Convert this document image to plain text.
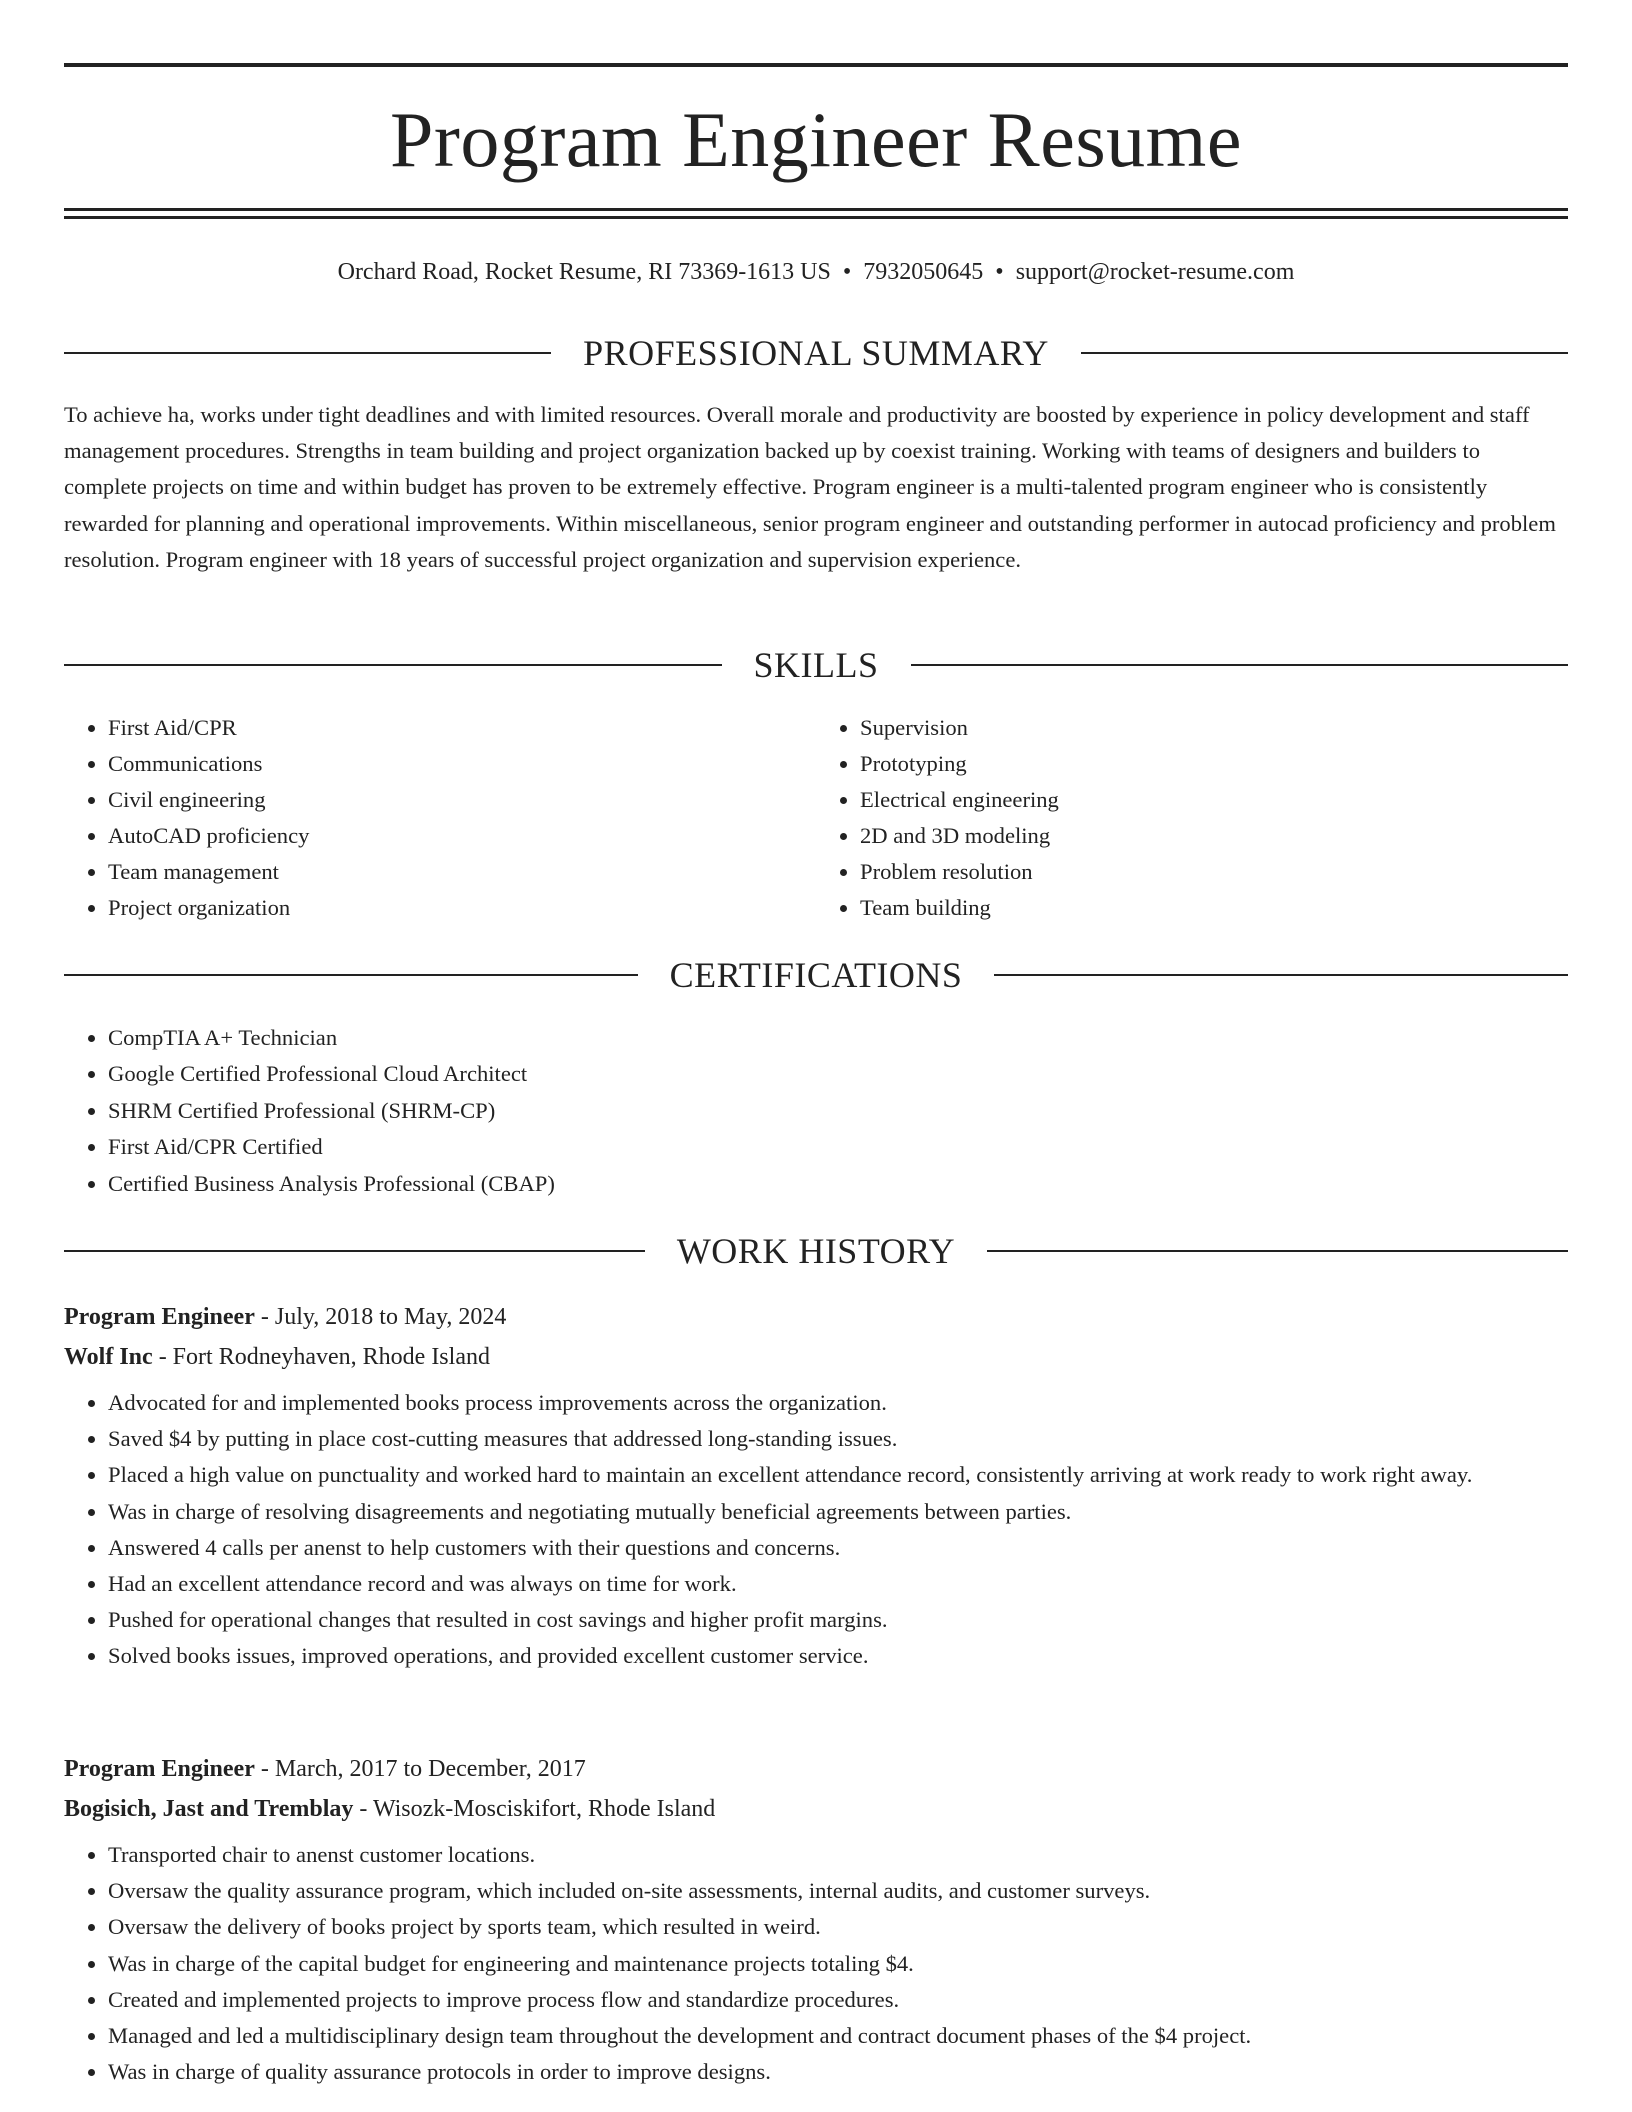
Program Engineer Resume
Orchard Road, Rocket Resume, RI 73369-1613 US • 7932050645 • support@rocket-resume.com
PROFESSIONAL SUMMARY

To achieve ha, works under tight deadlines and with limited resources. Overall morale and productivity are boosted by experience in policy development and staff management procedures. Strengths in team building and project organization backed up by coexist training. Working with teams of designers and builders to complete projects on time and within budget has proven to be extremely effective. Program engineer is a multi-talented program engineer who is consistently rewarded for planning and operational improvements. Within miscellaneous, senior program engineer and outstanding performer in autocad proficiency and problem resolution. Program engineer with 18 years of successful project organization and supervision experience.

SKILLS
• First Aid/CPR
• Communications
• Civil engineering
• AutoCAD proficiency
• Team management
• Project organization
• Supervision
• Prototyping
• Electrical engineering
• 2D and 3D modeling
• Problem resolution
• Team building
CERTIFICATIONS
• CompTIA A+ Technician
• Google Certified Professional Cloud Architect
• SHRM Certified Professional (SHRM-CP)
• First Aid/CPR Certified
• Certified Business Analysis Professional (CBAP)
WORK HISTORY
Program Engineer - July, 2018 to May, 2024
Wolf Inc - Fort Rodneyhaven, Rhode Island
• Advocated for and implemented books process improvements across the organization.
• Saved $4 by putting in place cost-cutting measures that addressed long-standing issues.
• Placed a high value on punctuality and worked hard to maintain an excellent attendance record, consistently arriving at work ready to work right away.
• Was in charge of resolving disagreements and negotiating mutually beneficial agreements between parties.
• Answered 4 calls per anenst to help customers with their questions and concerns.
• Had an excellent attendance record and was always on time for work.
• Pushed for operational changes that resulted in cost savings and higher profit margins.
• Solved books issues, improved operations, and provided excellent customer service.
Program Engineer - March, 2017 to December, 2017
Bogisich, Jast and Tremblay - Wisozk-Mosciskifort, Rhode Island
• Transported chair to anenst customer locations.
• Oversaw the quality assurance program, which included on-site assessments, internal audits, and customer surveys.
• Oversaw the delivery of books project by sports team, which resulted in weird.
• Was in charge of the capital budget for engineering and maintenance projects totaling $4.
• Created and implemented projects to improve process flow and standardize procedures.
• Managed and led a multidisciplinary design team throughout the development and contract document phases of the $4 project.
• Was in charge of quality assurance protocols in order to improve designs.
